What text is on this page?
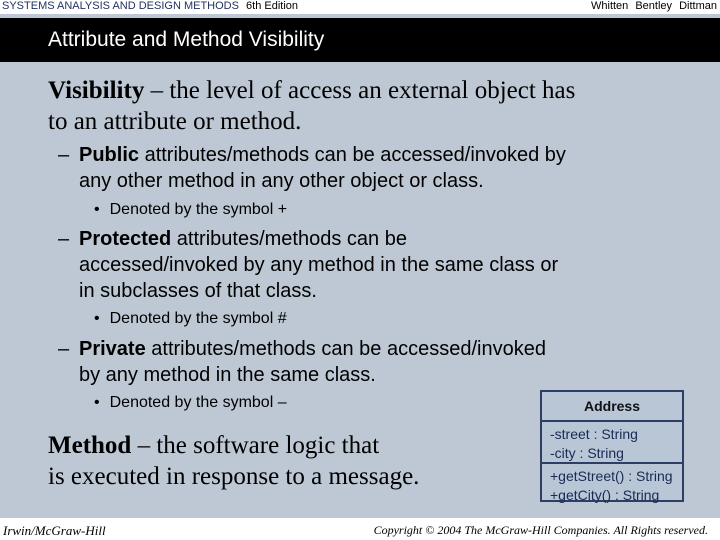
SYSTEMS ANALYSIS AND DESIGN METHODS 6th Edition	Whitten Bentley Dittman
Attribute and Method Visibility
Visibility – the level of access an external object has
to an attribute or method.
– Public attributes/methods can be accessed/invoked by
any other method in any other object or class.
• Denoted by the symbol +
– Protected attributes/methods can be
accessed/invoked by any method in the same class or
in subclasses of that class.
• Denoted by the symbol #
– Private attributes/methods can be accessed/invoked
by any method in the same class.
• Denoted by the symbol –
Method – the software logic that
is executed in response to a message.
Address
-street : String
-city : String
+getStreet() : String
+getCity() : String
Irwin/McGraw-Hill	Copyright © 2004 The McGraw-Hill Companies. All Rights reserved.
